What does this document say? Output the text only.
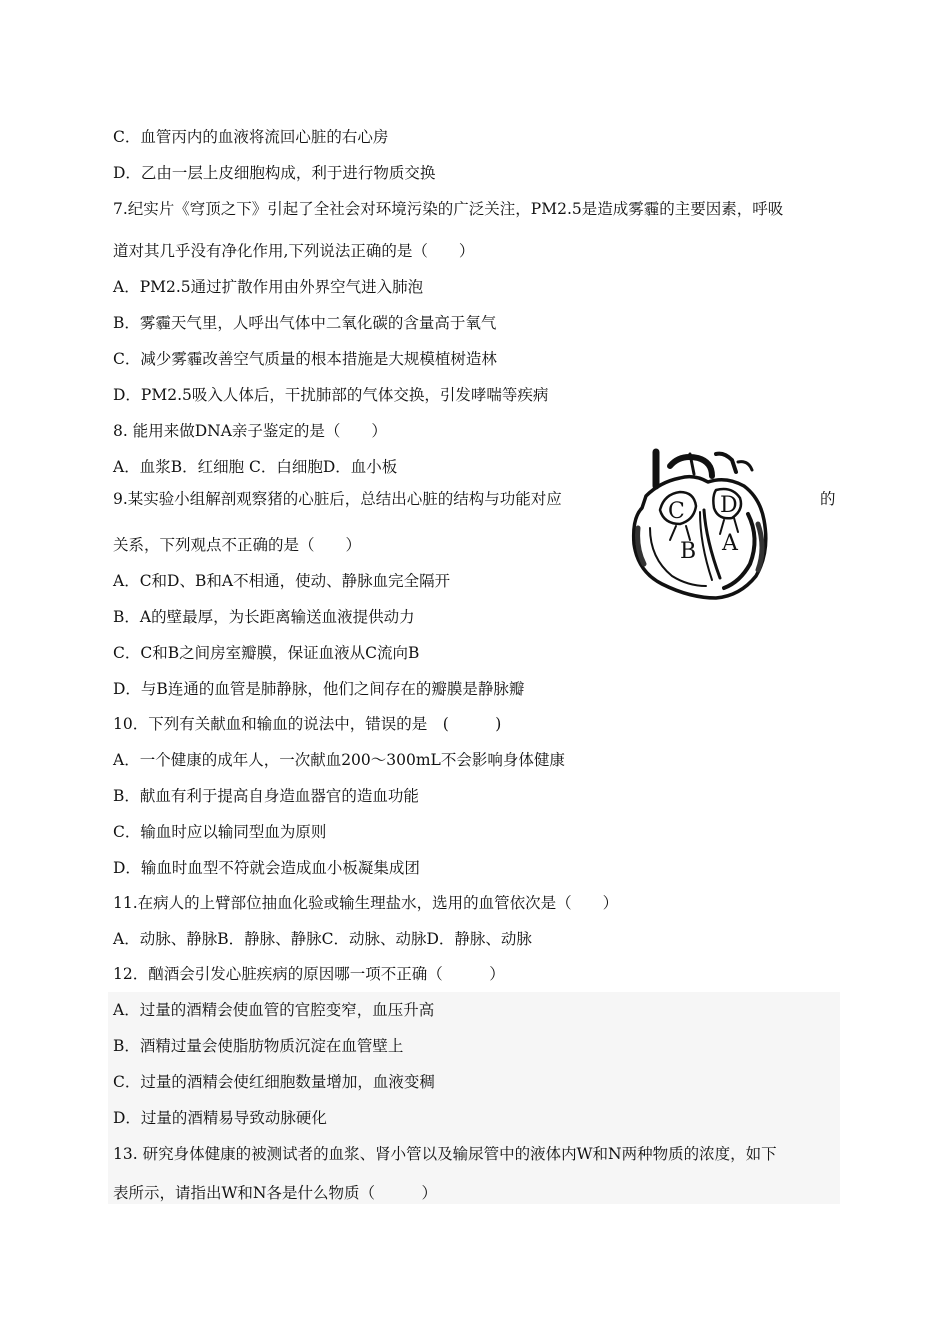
C．血管丙内的血液将流回心脏的右心房
D．乙由一层上皮细胞构成，利于进行物质交换
7.纪实片《穹顶之下》引起了全社会对环境污染的广泛关注，PM2.5是造成雾霾的主要因素，呼吸
道对其几乎没有净化作用,下列说法正确的是（　　）
A．PM2.5通过扩散作用由外界空气进入肺泡
B．雾霾天气里，人呼出气体中二氧化碳的含量高于氧气
C．减少雾霾改善空气质量的根本措施是大规模植树造林
D．PM2.5吸入人体后，干扰肺部的气体交换，引发哮喘等疾病
8. 能用来做DNA亲子鉴定的是（　　）
A．血浆B．红细胞 C．白细胞D．血小板
9.某实验小组解剖观察猪的心脏后，总结出心脏的结构与功能对应	的
关系，下列观点不正确的是（　　）
A．C和D、B和A不相通，使动、静脉血完全隔开
B．A的壁最厚，为长距离输送血液提供动力
C．C和B之间房室瓣膜，保证血液从C流向B
D．与B连通的血管是肺静脉，他们之间存在的瓣膜是静脉瓣
10．下列有关献血和输血的说法中，错误的是　(　　　)
A．一个健康的成年人，一次献血200～300mL不会影响身体健康
B．献血有利于提高自身造血器官的造血功能
C．输血时应以输同型血为原则
D．输血时血型不符就会造成血小板凝集成团
11.在病人的上臂部位抽血化验或输生理盐水，选用的血管依次是（　　）
A．动脉、静脉B．静脉、静脉C．动脉、动脉D．静脉、动脉
12．酗酒会引发心脏疾病的原因哪一项不正确（　　　）
A．过量的酒精会使血管的官腔变窄，血压升高
B．酒精过量会使脂肪物质沉淀在血管壁上
C．过量的酒精会使红细胞数量增加，血液变稠
D．过量的酒精易导致动脉硬化
13. 研究身体健康的被测试者的血浆、肾小管以及输尿管中的液体内W和N两种物质的浓度，如下
表所示，请指出W和N各是什么物质（　　　）
C D
B A
